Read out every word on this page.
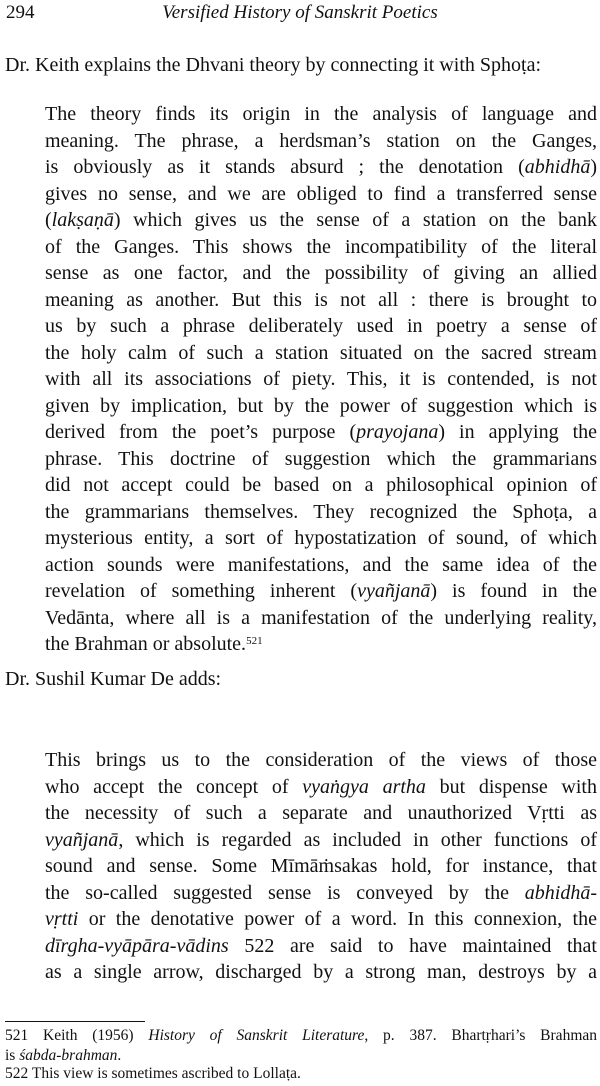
294	Versified History of Sanskrit Poetics
Dr. Keith explains the Dhvani theory by connecting it with Sphoṭa:
The theory finds its origin in the analysis of language and
meaning. The phrase, a herdsman’s station on the Ganges,
is obviously as it stands absurd ; the denotation (abhidhā)
gives no sense, and we are obliged to find a transferred sense
(lakṣaṇā) which gives us the sense of a station on the bank
of the Ganges. This shows the incompatibility of the literal
sense as one factor, and the possibility of giving an allied
meaning as another. But this is not all : there is brought to
us by such a phrase deliberately used in poetry a sense of
the holy calm of such a station situated on the sacred stream
with all its associations of piety. This, it is contended, is not
given by implication, but by the power of suggestion which is
derived from the poet’s purpose (prayojana) in applying the
phrase. This doctrine of suggestion which the grammarians
did not accept could be based on a philosophical opinion of
the grammarians themselves. They recognized the Sphoṭa, a
mysterious entity, a sort of hypostatization of sound, of which
action sounds were manifestations, and the same idea of the
revelation of something inherent (vyañjanā) is found in the
Vedānta, where all is a manifestation of the underlying reality,
the Brahman or absolute.$^{521}$
Dr. Sushil Kumar De adds:
This brings us to the consideration of the views of those
who accept the concept of vyaṅgya artha but dispense with
the necessity of such a separate and unauthorized Vṛtti as
vyañjanā, which is regarded as included in other functions of
sound and sense. Some Mīmāṁsakas hold, for instance, that
the so-called suggested sense is conveyed by the abhidhā-
vṛtti or the denotative power of a word. In this connexion, the
dīrgha-vyāpāra-vādins 522 are said to have maintained that
as a single arrow, discharged by a strong man, destroys by a
521 Keith (1956) History of Sanskrit Literature, p. 387. Bhartṛhari’s Brahman
is śabda-brahman.
522 This view is sometimes ascribed to Lollaṭa.
